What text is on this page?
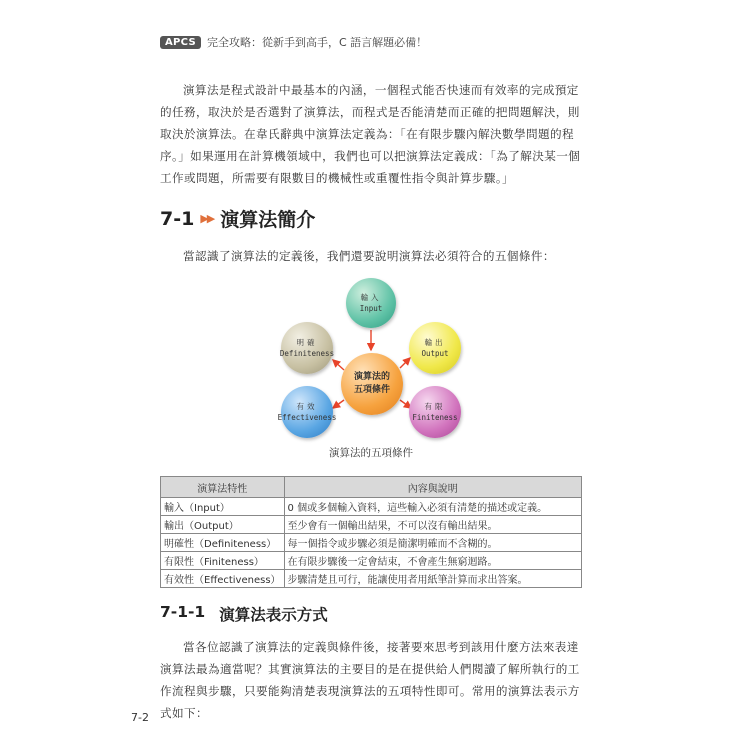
APCS	完全攻略：從新手到高手，C 語言解題必備！

演算法是程式設計中最基本的內涵，一個程式能否快速而有效率的完成預定的任務，取決於是否選對了演算法，而程式是否能清楚而正確的把問題解決，則取決於演算法。在韋氏辭典中演算法定義為：「在有限步驟內解決數學問題的程序。」如果運用在計算機領域中，我們也可以把演算法定義成：「為了解決某一個工作或問題，所需要有限數目的機械性或重覆性指令與計算步驟。」

7-1 ▶▶ 演算法簡介

當認識了演算法的定義後，我們還要說明演算法必須符合的五個條件：

輸入
Input
輸出
Output
明確
Definiteness
有效
Effectiveness
有限
Finiteness
演算法的
五項條件
演算法的五項條件
演算法特性	內容與說明
輸入（Input）	0 個或多個輸入資料，這些輸入必須有清楚的描述或定義。
輸出（Output）	至少會有一個輸出結果，不可以沒有輸出結果。
明確性（Definiteness）	每一個指令或步驟必須是簡潔明確而不含糊的。
有限性（Finiteness）	在有限步驟後一定會結束，不會產生無窮迴路。
有效性（Effectiveness）	步驟清楚且可行，能讓使用者用紙筆計算而求出答案。
7-1-1 演算法表示方式

當各位認識了演算法的定義與條件後，接著要來思考到該用什麼方法來表達演算法最為適當呢？其實演算法的主要目的是在提供給人們閱讀了解所執行的工作流程與步驟，只要能夠清楚表現演算法的五項特性即可。常用的演算法表示方式如下：

7-2
